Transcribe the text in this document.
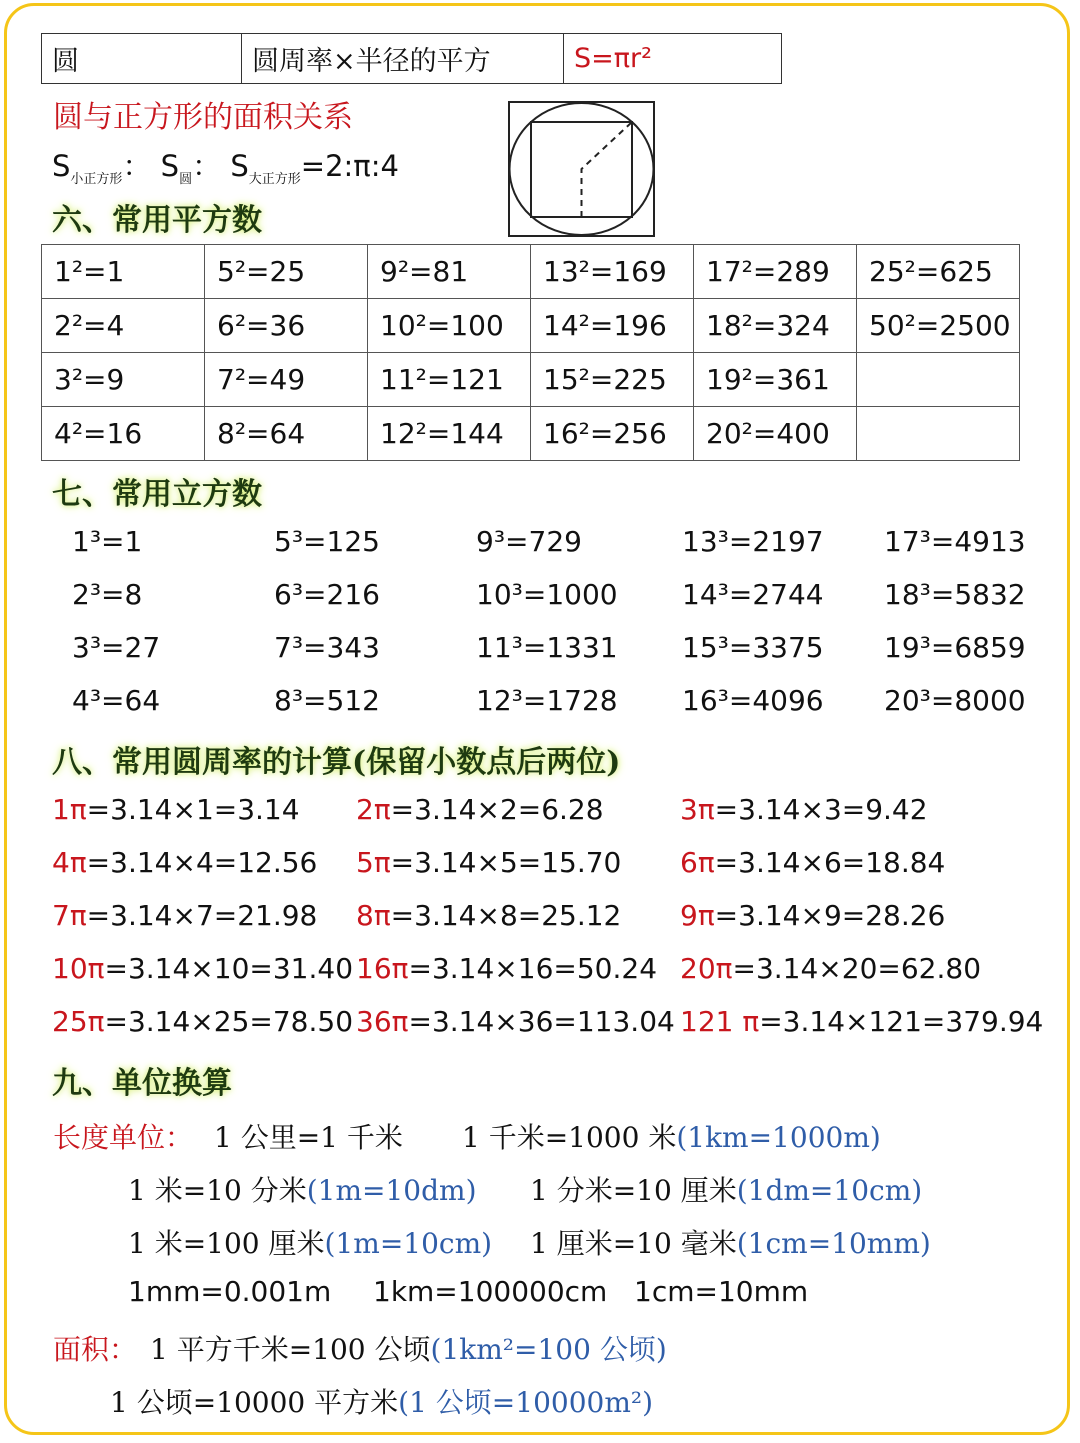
圆	圆周率×半径的平方	S=πr²
圆与正方形的面积关系
$S_{小正方形}$： $S_圆$： $S_{大正方形}=2:\pi:4$
六、常用平方数
1²=1	5²=25	9²=81	13²=169	17²=289	25²=625
2²=4	6²=36	10²=100	14²=196	18²=324	50²=2500
3²=9	7²=49	11²=121	15²=225	19²=361	
4²=16	8²=64	12²=144	16²=256	20²=400	
七、常用立方数
1³=1	5³=125	9³=729	13³=2197 17³=4913
2³=8	6³=216	10³=1000 14³=2744 18³=5832
3³=27	7³=343	11³=1331 15³=3375 19³=6859
4³=64	8³=512	12³=1728 16³=4096 20³=8000
八、常用圆周率的计算(保留小数点后两位)
1π=3.14×1=3.14 2π=3.14×2=6.28	3π=3.14×3=9.42
4π=3.14×4=12.56 5π=3.14×5=15.70 6π=3.14×6=18.84
7π=3.14×7=21.98 8π=3.14×8=25.12 9π=3.14×9=28.26
10π=3.14×10=31.40 16π=3.14×16=50.24 20π=3.14×20=62.80
25π=3.14×25=78.50 36π=3.14×36=113.04 121 π=3.14×121=379.94
九、单位换算
长度单位： 1 公里=1 千米 1 千米=1000 米(1km=1000m)
1 米=10 分米(1m=10dm) 1 分米=10 厘米(1dm=10cm)
1 米=100 厘米(1m=10cm) 1 厘米=10 毫米(1cm=10mm)
1mm=0.001m 1km=100000cm 1cm=10mm
面积： 1 平方千米=100 公顷(1km²=100 公顷)
1 公顷=10000 平方米(1 公顷=10000m²)
